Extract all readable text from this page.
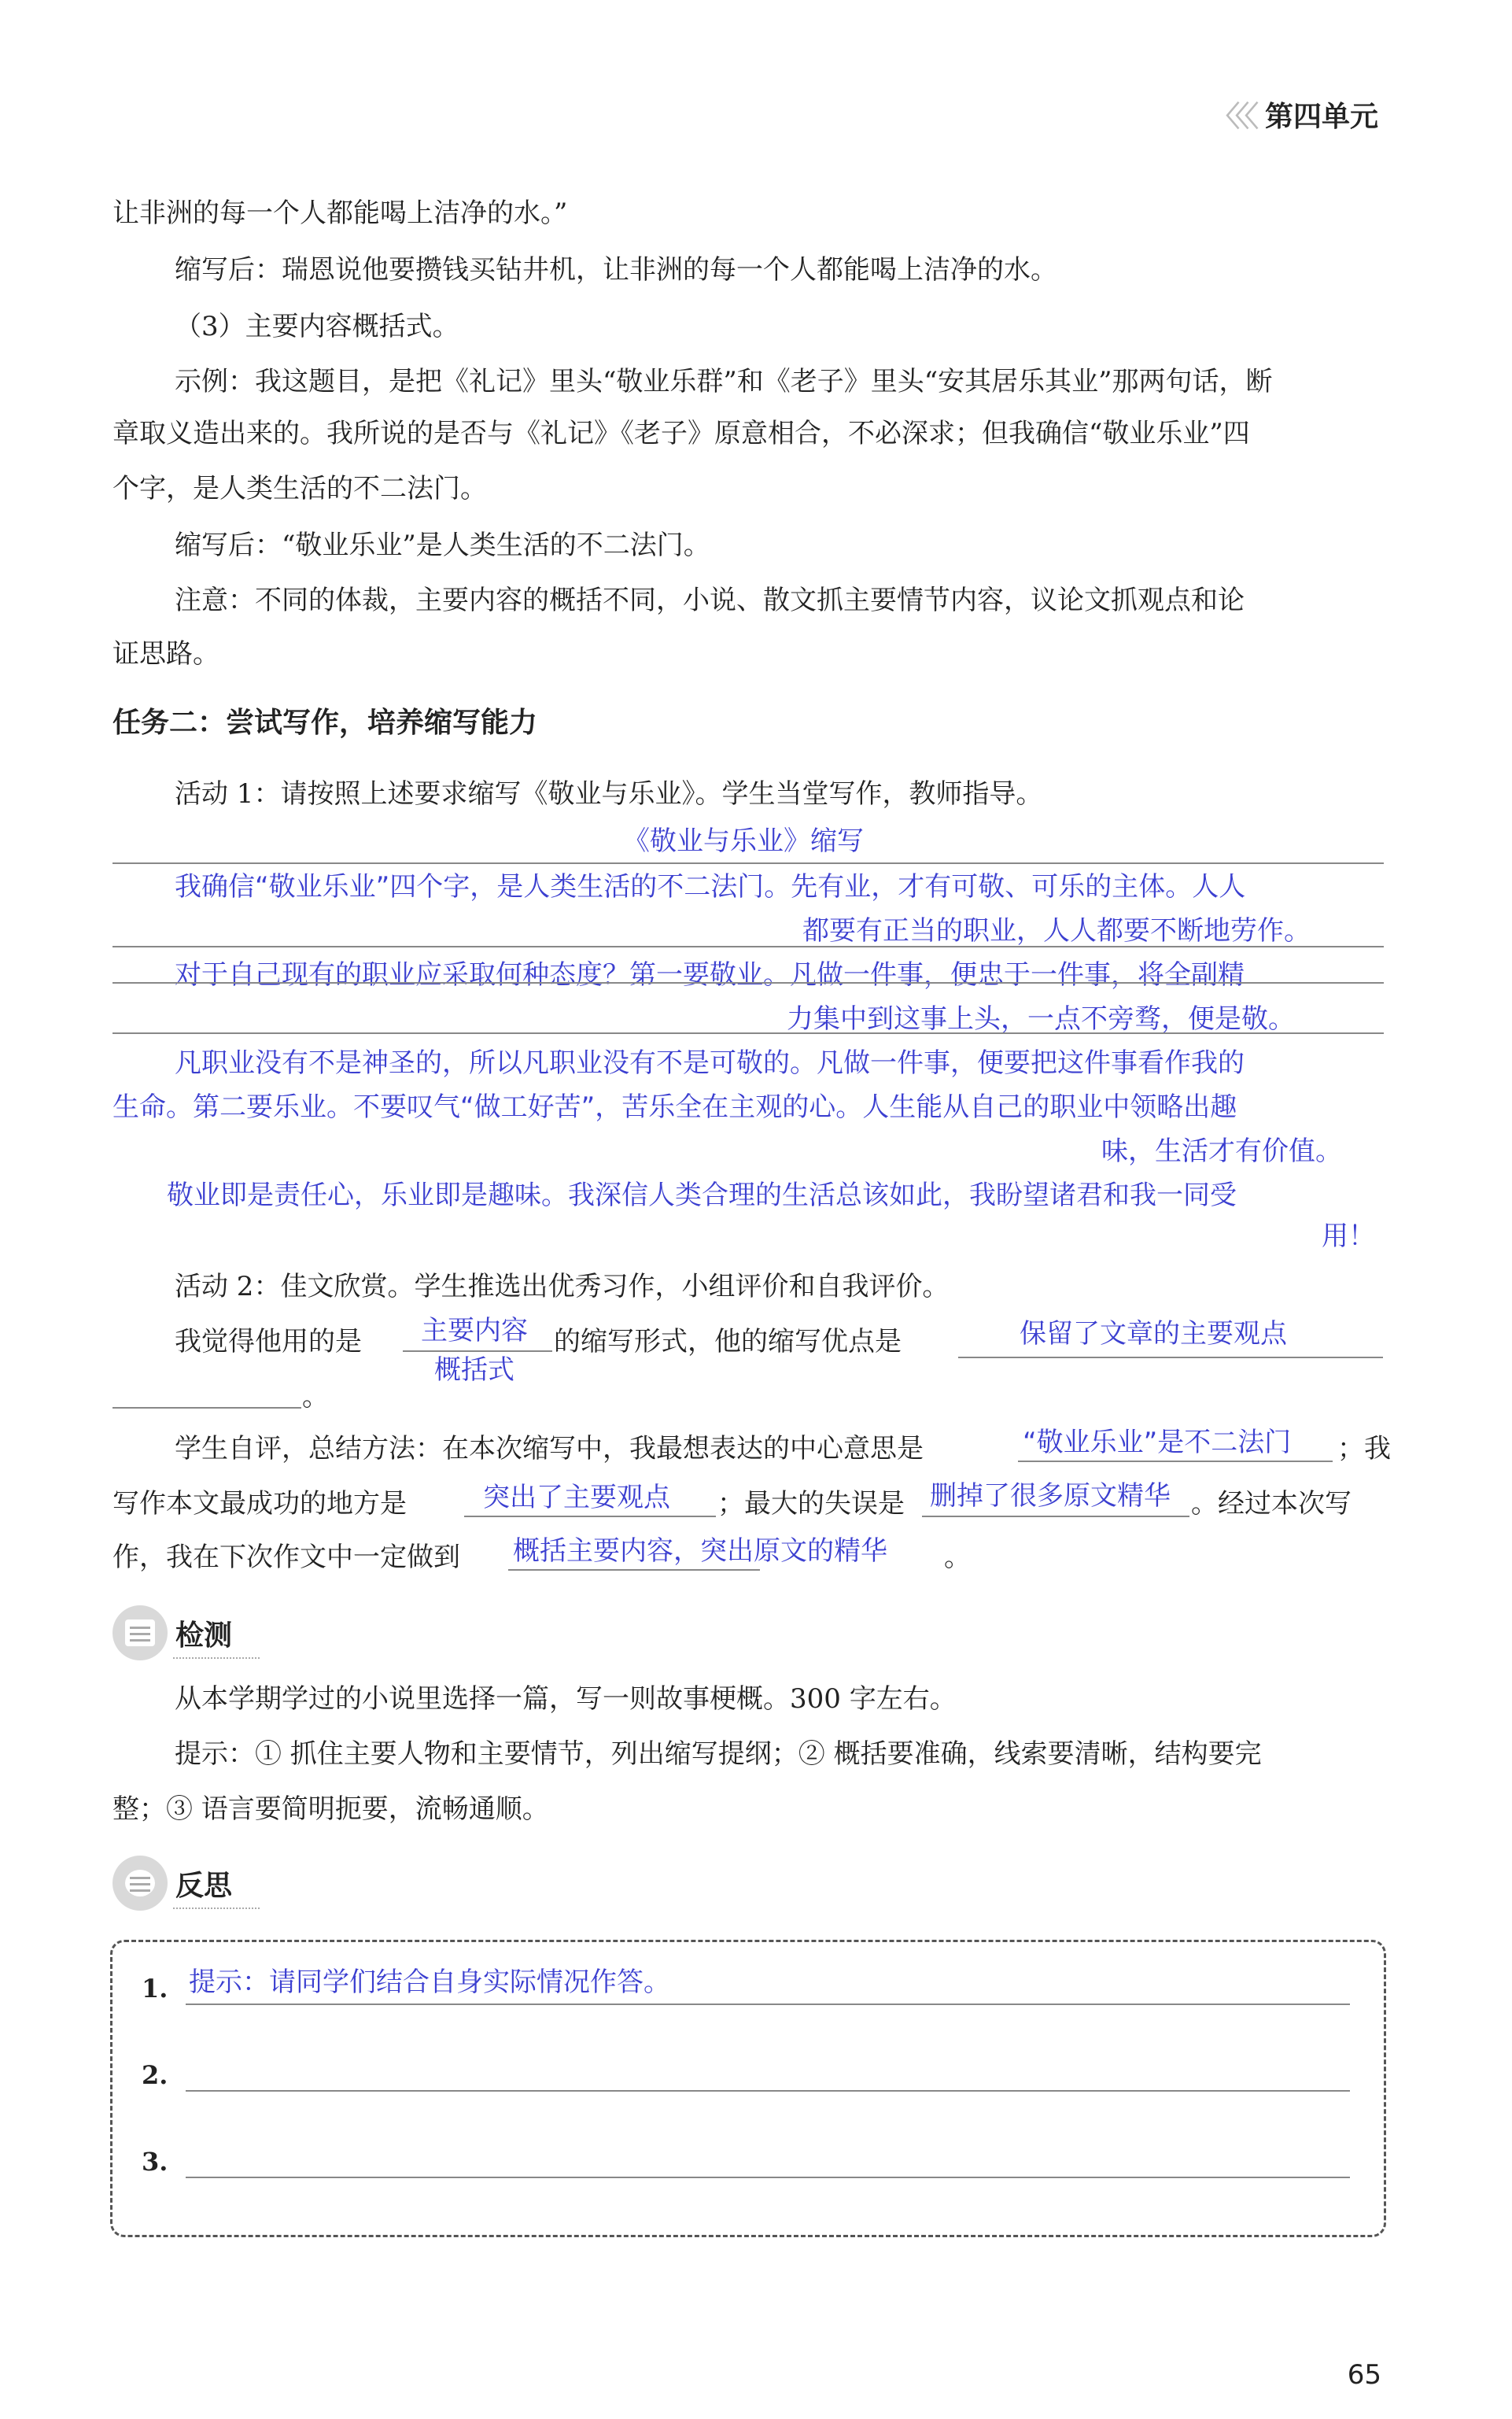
〈〈〈 第四单元
让非洲的每一个人都能喝上洁净的水。”
缩写后：瑞恩说他要攒钱买钻井机，让非洲的每一个人都能喝上洁净的水。
（3）主要内容概括式。
示例：我这题目，是把《礼记》里头“敬业乐群”和《老子》里头“安其居乐其业”那两句话，断
章取义造出来的。我所说的是否与《礼记》《老子》原意相合，不必深求；但我确信“敬业乐业”四
个字，是人类生活的不二法门。
缩写后：“敬业乐业”是人类生活的不二法门。
注意：不同的体裁，主要内容的概括不同，小说、散文抓主要情节内容，议论文抓观点和论
证思路。
任务二：尝试写作，培养缩写能力
活动 1：请按照上述要求缩写《敬业与乐业》。学生当堂写作，教师指导。
《敬业与乐业》缩写
我确信“敬业乐业”四个字，是人类生活的不二法门。先有业，才有可敬、可乐的主体。人人
都要有正当的职业，人人都要不断地劳作。
对于自己现有的职业应采取何种态度？第一要敬业。凡做一件事，便忠于一件事，将全副精
力集中到这事上头，一点不旁骛，便是敬。
凡职业没有不是神圣的，所以凡职业没有不是可敬的。凡做一件事，便要把这件事看作我的
生命。第二要乐业。不要叹气“做工好苦”，苦乐全在主观的心。人生能从自己的职业中领略出趣
味，生活才有价值。
敬业即是责任心，乐业即是趣味。我深信人类合理的生活总该如此，我盼望诸君和我一同受
用！
活动 2：佳文欣赏。学生推选出优秀习作，小组评价和自我评价。
我觉得他用的是 主要内容
概括式
的缩写形式，他的缩写优点是	保留了文章的主要观点
。
学生自评，总结方法：在本次缩写中，我最想表达的中心意思是	“敬业乐业”是不二法门 ；我
写作本文最成功的地方是	突出了主要观点 ；最大的失误是 删掉了很多原文精华 。经过本次写
作，我在下次作文中一定做到 概括主要内容，突出原文的精华 。
检测
从本学期学过的小说里选择一篇，写一则故事梗概。300 字左右。
提示：① 抓住主要人物和主要情节，列出缩写提纲；② 概括要准确，线索要清晰，结构要完
整；③ 语言要简明扼要，流畅通顺。
反思
1. 提示：请同学们结合自身实际情况作答。
2.
3.
65
